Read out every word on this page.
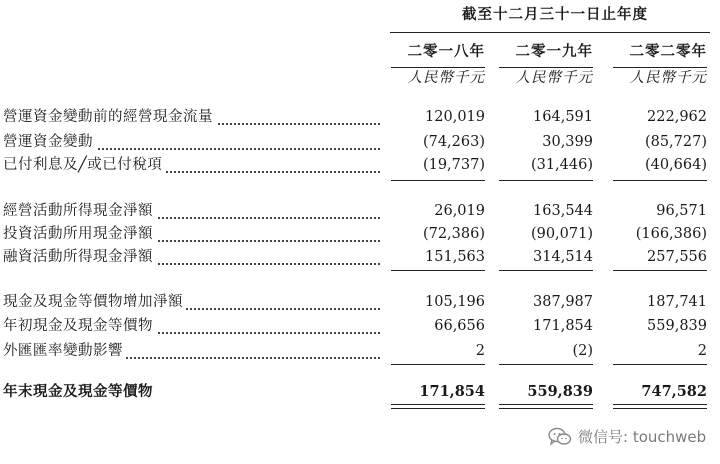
截至十二月三十一日止年度
二零一八年	二零一九年	二零二零年
人民幣千元	人民幣千元	人民幣千元
營運資金變動前的經營現金流量	120,019	164,591	222,962
營運資金變動	(74,263)	30,399	(85,727)
已付利息及╱或已付稅項	(19,737)	(31,446)	(40,664)
經營活動所得現金淨額	26,019	163,544	96,571
投資活動所用現金淨額	(72,386)	(90,071)	(166,386)
融資活動所得現金淨額	151,563	314,514	257,556
現金及現金等價物增加淨額	105,196	387,987	187,741
年初現金及現金等價物	66,656	171,854	559,839
外匯匯率變動影響	2	(2)	2
年末現金及現金等價物	171,854	559,839	747,582
微信号: touchweb
